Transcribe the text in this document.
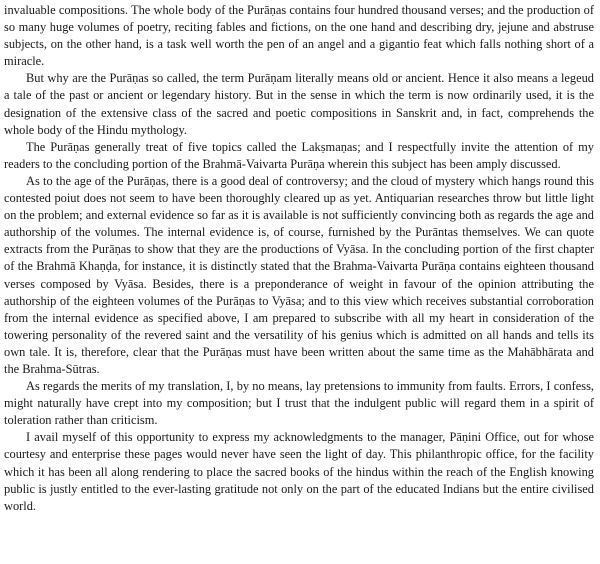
invaluable compositions. The whole body of the Purāṇas contains four hundred thousand verses; and the production of so many huge volumes of poetry, reciting fables and fictions, on the one hand and describing dry, jejune and abstruse subjects, on the other hand, is a task well worth the pen of an angel and a gigantio feat which falls nothing short of a miracle.

But why are the Purāṇas so called, the term Purāṇam literally means old or ancient. Hence it also means a legeud a tale of the past or ancient or legendary history. But in the sense in which the term is now ordinarily used, it is the designation of the extensive class of the sacred and poetic compositions in Sanskrit and, in fact, comprehends the whole body of the Hindu mythology.

The Purāṇas generally treat of five topics called the Lakṣmaṇas; and I respectfully invite the attention of my readers to the concluding portion of the Brahmā-Vaivarta Purāṇa wherein this subject has been amply discussed.

As to the age of the Purāṇas, there is a good deal of controversy; and the cloud of mystery which hangs round this contested poiut does not seem to have been thoroughly cleared up as yet. Antiquarian researches throw but little light on the problem; and external evidence so far as it is available is not sufficiently convincing both as regards the age and authorship of the volumes. The internal evidence is, of course, furnished by the Purāntas themselves. We can quote extracts from the Purāṇas to show that they are the productions of Vyāsa. In the concluding portion of the first chapter of the Brahmā Khaṇḍa, for instance, it is distinctly stated that the Brahma-Vaivarta Purāṇa contains eighteen thousand verses composed by Vyāsa. Besides, there is a preponderance of weight in favour of the opinion attributing the authorship of the eighteen volumes of the Purāṇas to Vyāsa; and to this view which receives substantial corroboration from the internal evidence as specified above, I am prepared to subscribe with all my heart in consideration of the towering personality of the revered saint and the versatility of his genius which is admitted on all hands and tells its own tale. It is, therefore, clear that the Purāṇas must have been written about the same time as the Mahābhārata and the Brahma-Sūtras.

As regards the merits of my translation, I, by no means, lay pretensions to immunity from faults. Errors, I confess, might naturally have crept into my composition; but I trust that the indulgent public will regard them in a spirit of toleration rather than criticism.

I avail myself of this opportunity to express my acknowledgments to the manager, Pāṇini Office, out for whose courtesy and enterprise these pages would never have seen the light of day. This philanthropic office, for the facility which it has been all along rendering to place the sacred books of the hindus within the reach of the English knowing public is justly entitled to the ever-lasting gratitude not only on the part of the educated Indians but the entire civilised world.
